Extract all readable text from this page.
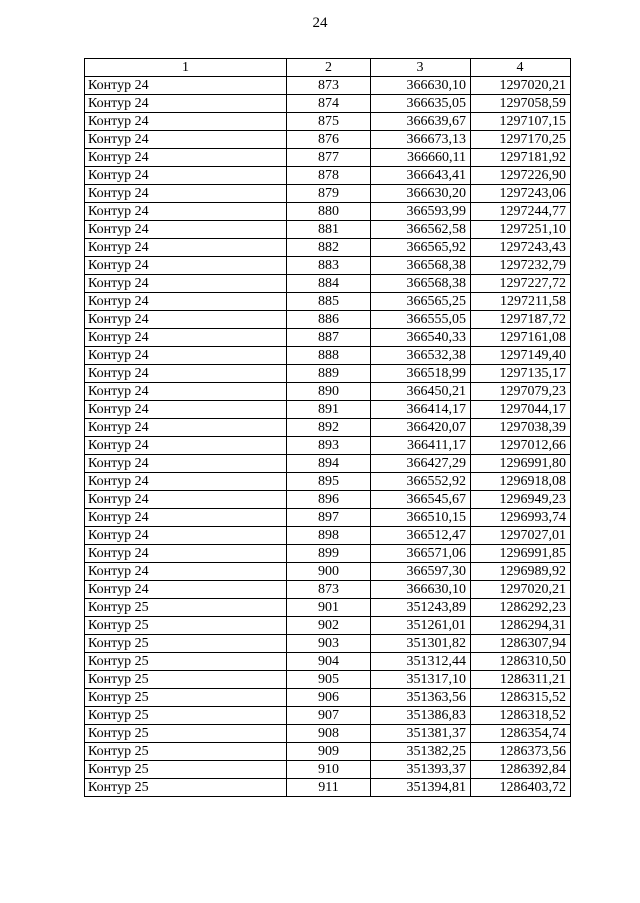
24
1	2	3	4
Контур 24	873	366630,10	1297020,21
Контур 24	874	366635,05	1297058,59
Контур 24	875	366639,67	1297107,15
Контур 24	876	366673,13	1297170,25
Контур 24	877	366660,11	1297181,92
Контур 24	878	366643,41	1297226,90
Контур 24	879	366630,20	1297243,06
Контур 24	880	366593,99	1297244,77
Контур 24	881	366562,58	1297251,10
Контур 24	882	366565,92	1297243,43
Контур 24	883	366568,38	1297232,79
Контур 24	884	366568,38	1297227,72
Контур 24	885	366565,25	1297211,58
Контур 24	886	366555,05	1297187,72
Контур 24	887	366540,33	1297161,08
Контур 24	888	366532,38	1297149,40
Контур 24	889	366518,99	1297135,17
Контур 24	890	366450,21	1297079,23
Контур 24	891	366414,17	1297044,17
Контур 24	892	366420,07	1297038,39
Контур 24	893	366411,17	1297012,66
Контур 24	894	366427,29	1296991,80
Контур 24	895	366552,92	1296918,08
Контур 24	896	366545,67	1296949,23
Контур 24	897	366510,15	1296993,74
Контур 24	898	366512,47	1297027,01
Контур 24	899	366571,06	1296991,85
Контур 24	900	366597,30	1296989,92
Контур 24	873	366630,10	1297020,21
Контур 25	901	351243,89	1286292,23
Контур 25	902	351261,01	1286294,31
Контур 25	903	351301,82	1286307,94
Контур 25	904	351312,44	1286310,50
Контур 25	905	351317,10	1286311,21
Контур 25	906	351363,56	1286315,52
Контур 25	907	351386,83	1286318,52
Контур 25	908	351381,37	1286354,74
Контур 25	909	351382,25	1286373,56
Контур 25	910	351393,37	1286392,84
Контур 25	911	351394,81	1286403,72
